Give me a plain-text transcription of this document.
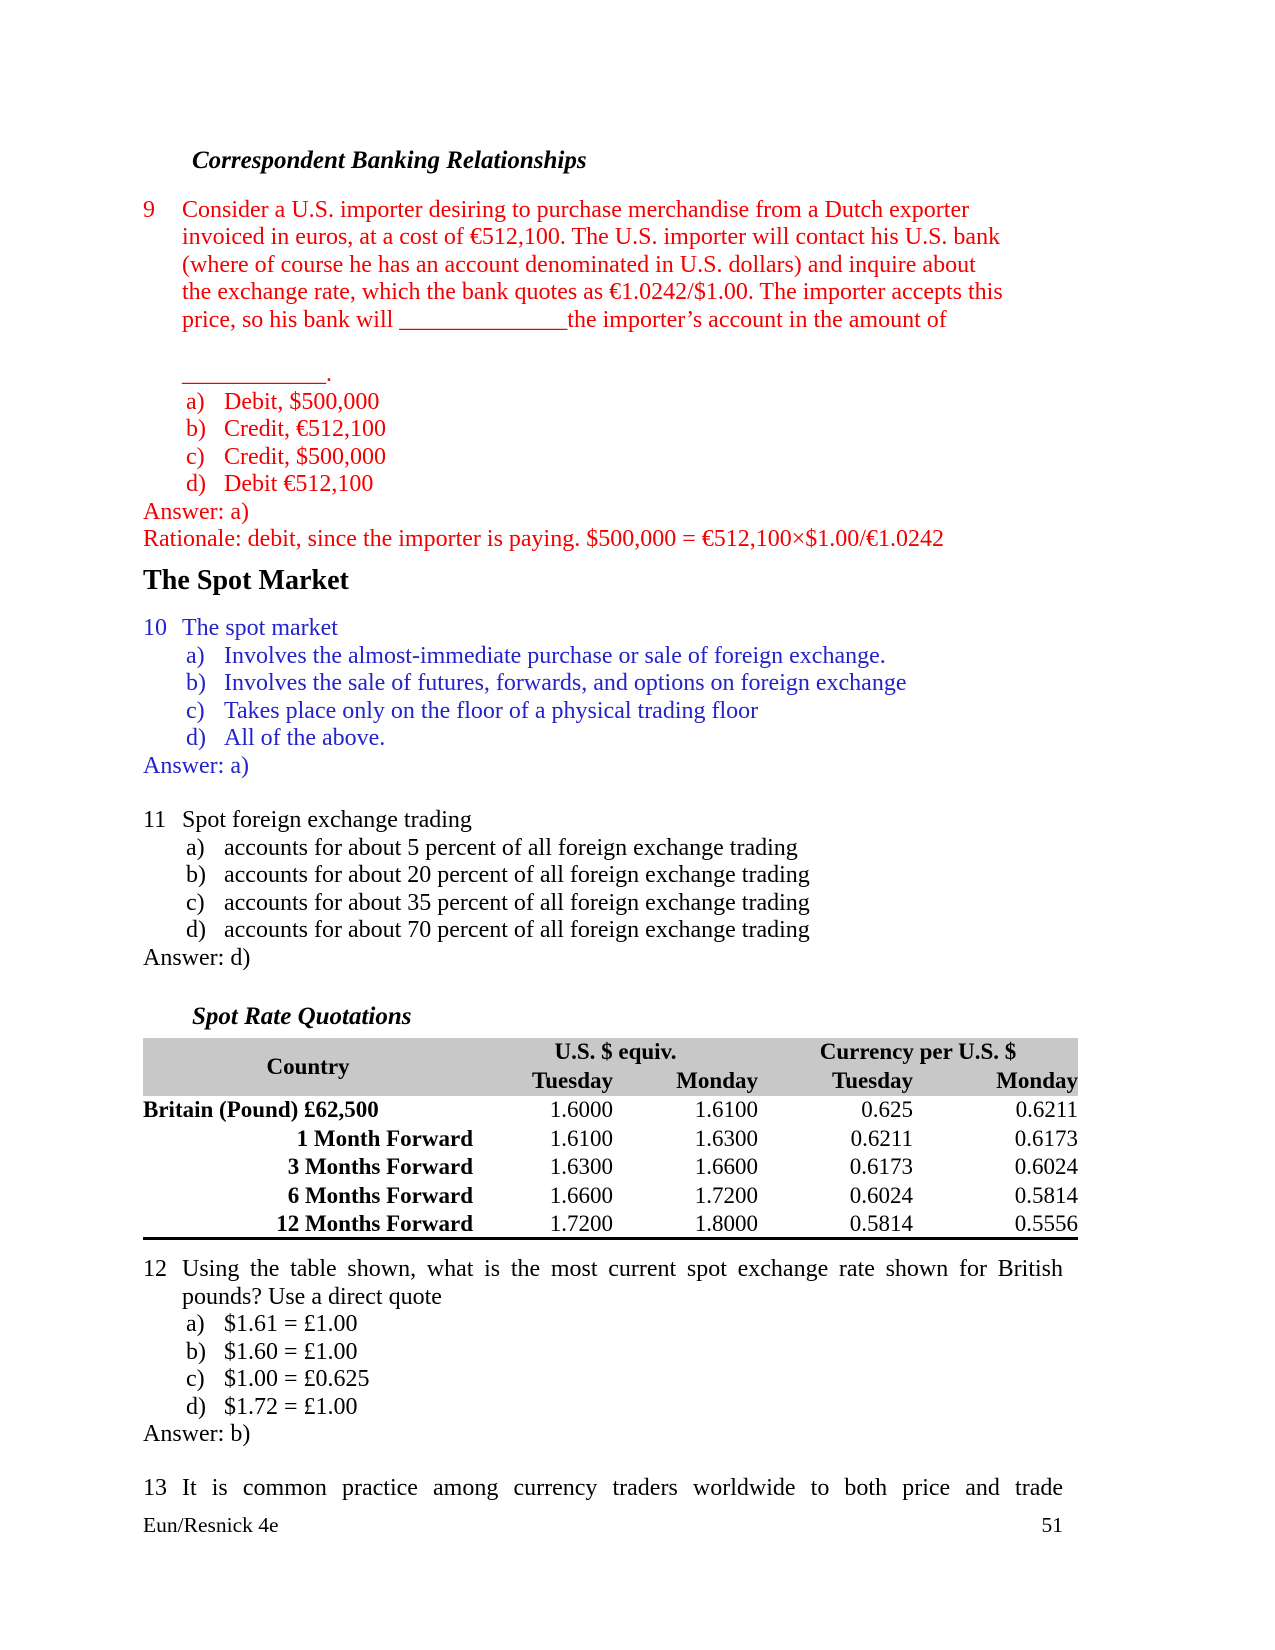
Correspondent Banking Relationships
9	Consider a U.S. importer desiring to purchase merchandise from a Dutch exporter
invoiced in euros, at a cost of €512,100. The U.S. importer will contact his U.S. bank
(where of course he has an account denominated in U.S. dollars) and inquire about
the exchange rate, which the bank quotes as €1.0242/$1.00. The importer accepts this
price, so his bank will ______________the importer’s account in the amount of
____________.
a) Debit, $500,000
b) Credit, €512,100
c) Credit, $500,000
d) Debit €512,100
Answer: a)
Rationale: debit, since the importer is paying. $500,000 = €512,100×$1.00/€1.0242
The Spot Market
10 The spot market
a) Involves the almost-immediate purchase or sale of foreign exchange.
b) Involves the sale of futures, forwards, and options on foreign exchange
c) Takes place only on the floor of a physical trading floor
d) All of the above.
Answer: a)
11 Spot foreign exchange trading
a) accounts for about 5 percent of all foreign exchange trading
b) accounts for about 20 percent of all foreign exchange trading
c) accounts for about 35 percent of all foreign exchange trading
d) accounts for about 70 percent of all foreign exchange trading
Answer: d)
Spot Rate Quotations
Country	U.S. $ equiv.		Currency per U.S. $	
	Tuesday	Monday	Tuesday	Monday
Britain (Pound) £62,500	1.6000	1.6100	0.625	0.6211
1 Month Forward	1.6100	1.6300	0.6211	0.6173
3 Months Forward	1.6300	1.6600	0.6173	0.6024
6 Months Forward	1.6600	1.7200	0.6024	0.5814
12 Months Forward	1.7200	1.8000	0.5814	0.5556
12 Using the table shown, what is the most current spot exchange rate shown for British
pounds? Use a direct quote
a) $1.61 = £1.00
b) $1.60 = £1.00
c) $1.00 = £0.625
d) $1.72 = £1.00
Answer: b)
13 It is common practice among currency traders worldwide to both price and trade
Eun/Resnick 4e	51
